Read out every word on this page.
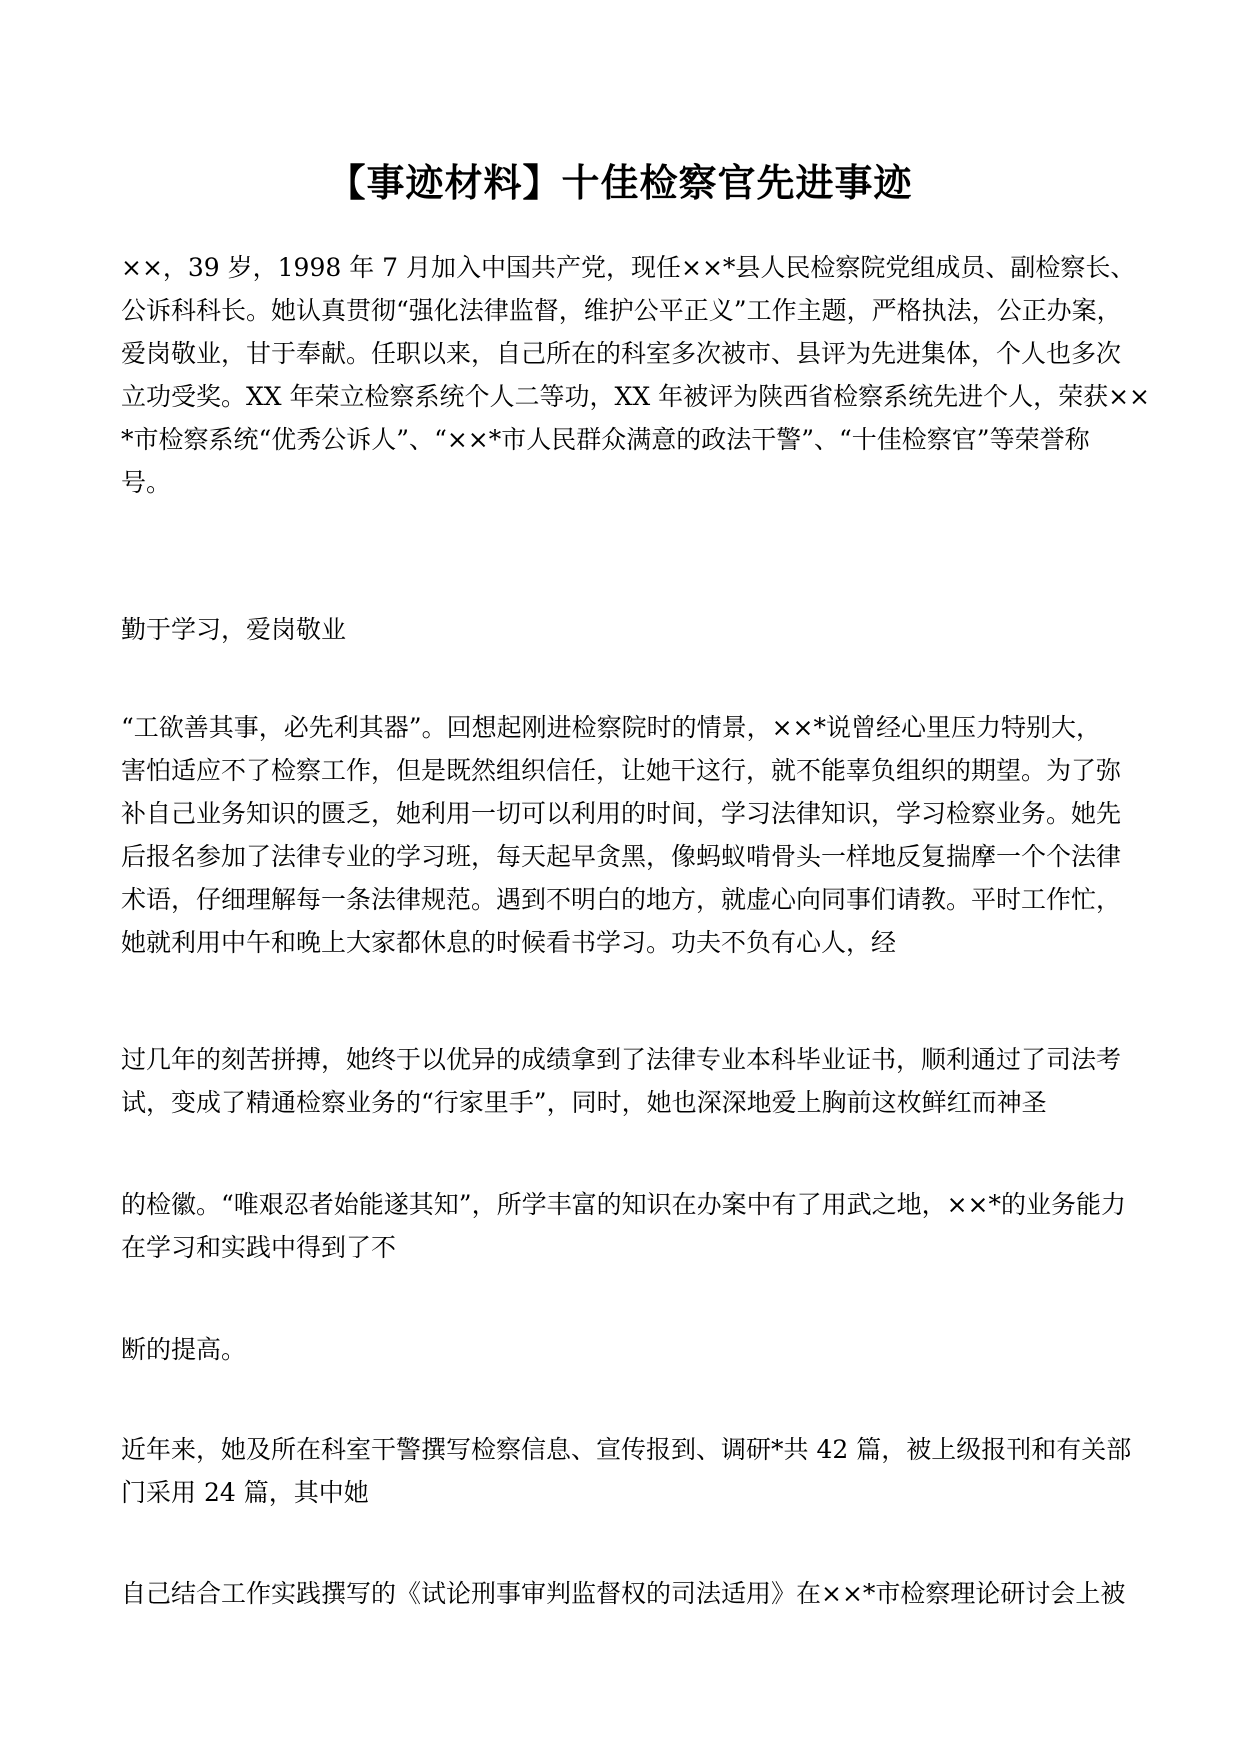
【事迹材料】十佳检察官先进事迹

××，39 岁，1998 年 7 月加入中国共产党，现任××*县人民检察院党组成员、副检察长、
公诉科科长。她认真贯彻“强化法律监督，维护公平正义”工作主题，严格执法，公正办案，
爱岗敬业，甘于奉献。任职以来，自己所在的科室多次被市、县评为先进集体，个人也多次
立功受奖。XX 年荣立检察系统个人二等功，XX 年被评为陕西省检察系统先进个人，荣获××
*市检察系统“优秀公诉人”、“××*市人民群众满意的政法干警”、“十佳检察官”等荣誉称
号。

勤于学习，爱岗敬业

“工欲善其事，必先利其器”。回想起刚进检察院时的情景，××*说曾经心里压力特别大，
害怕适应不了检察工作，但是既然组织信任，让她干这行，就不能辜负组织的期望。为了弥
补自己业务知识的匮乏，她利用一切可以利用的时间，学习法律知识，学习检察业务。她先
后报名参加了法律专业的学习班，每天起早贪黑，像蚂蚁啃骨头一样地反复揣摩一个个法律
术语，仔细理解每一条法律规范。遇到不明白的地方，就虚心向同事们请教。平时工作忙，
她就利用中午和晚上大家都休息的时候看书学习。功夫不负有心人，经

过几年的刻苦拼搏，她终于以优异的成绩拿到了法律专业本科毕业证书，顺利通过了司法考
试，变成了精通检察业务的“行家里手”，同时，她也深深地爱上胸前这枚鲜红而神圣

的检徽。“唯艰忍者始能遂其知”，所学丰富的知识在办案中有了用武之地，××*的业务能力
在学习和实践中得到了不

断的提高。

近年来，她及所在科室干警撰写检察信息、宣传报到、调研*共 42 篇，被上级报刊和有关部
门采用 24 篇，其中她

自己结合工作实践撰写的《试论刑事审判监督权的司法适用》在××*市检察理论研讨会上被
